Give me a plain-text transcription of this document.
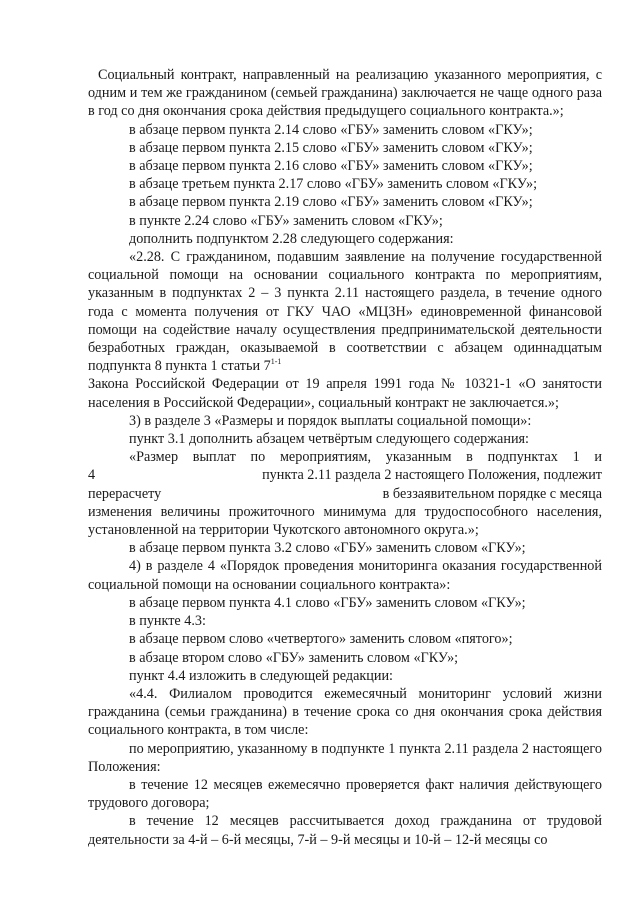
Социальный контракт, направленный на реализацию указанного мероприятия, с одним и тем же гражданином (семьей гражданина) заключается не чаще одного раза в год со дня окончания срока действия предыдущего социального контракта.»;

в абзаце первом пункта 2.14 слово «ГБУ» заменить словом «ГКУ»;

в абзаце первом пункта 2.15 слово «ГБУ» заменить словом «ГКУ»;

в абзаце первом пункта 2.16 слово «ГБУ» заменить словом «ГКУ»;

в абзаце третьем пункта 2.17 слово «ГБУ» заменить словом «ГКУ»;

в абзаце первом пункта 2.19 слово «ГБУ» заменить словом «ГКУ»;

в пункте 2.24 слово «ГБУ» заменить словом «ГКУ»;

дополнить подпунктом 2.28 следующего содержания:

«2.28. С гражданином, подавшим заявление на получение государственной социальной помощи на основании социального контракта по мероприятиям, указанным в подпунктах 2 – 3 пункта 2.11 настоящего раздела, в течение одного года с момента получения от ГКУ ЧАО «МЦЗН» единовременной финансовой помощи на содействие началу осуществления предпринимательской деятельности безработных граждан, оказываемой в соответствии с абзацем одиннадцатым подпункта 8 пункта 1 статьи 7$^{1-1}$

Закона Российской Федерации от 19 апреля 1991 года № 10321-1 «О занятости населения в Российской Федерации», социальный контракт не заключается.»;

3) в разделе 3 «Размеры и порядок выплаты социальной помощи»:

пункт 3.1 дополнить абзацем четвёртым следующего содержания:

«Размер выплат по мероприятиям, указанным в подпунктах 1 и

4	пункта 2.11 раздела 2 настоящего Положения, подлежит
перерасчету	в беззаявительном порядке с месяца

изменения величины прожиточного минимума для трудоспособного населения, установленной на территории Чукотского автономного округа.»;

в абзаце первом пункта 3.2 слово «ГБУ» заменить словом «ГКУ»;

4) в разделе 4 «Порядок проведения мониторинга оказания государственной социальной помощи на основании социального контракта»:

в абзаце первом пункта 4.1 слово «ГБУ» заменить словом «ГКУ»;

в пункте 4.3:

в абзаце первом слово «четвертого» заменить словом «пятого»;

в абзаце втором слово «ГБУ» заменить словом «ГКУ»;

пункт 4.4 изложить в следующей редакции:

«4.4. Филиалом проводится ежемесячный мониторинг условий жизни гражданина (семьи гражданина) в течение срока со дня окончания срока действия социального контракта, в том числе:

по мероприятию, указанному в подпункте 1 пункта 2.11 раздела 2 настоящего Положения:

в течение 12 месяцев ежемесячно проверяется факт наличия действующего трудового договора;

в течение 12 месяцев рассчитывается доход гражданина от трудовой деятельности за 4-й – 6-й месяцы, 7-й – 9-й месяцы и 10-й – 12-й месяцы со
